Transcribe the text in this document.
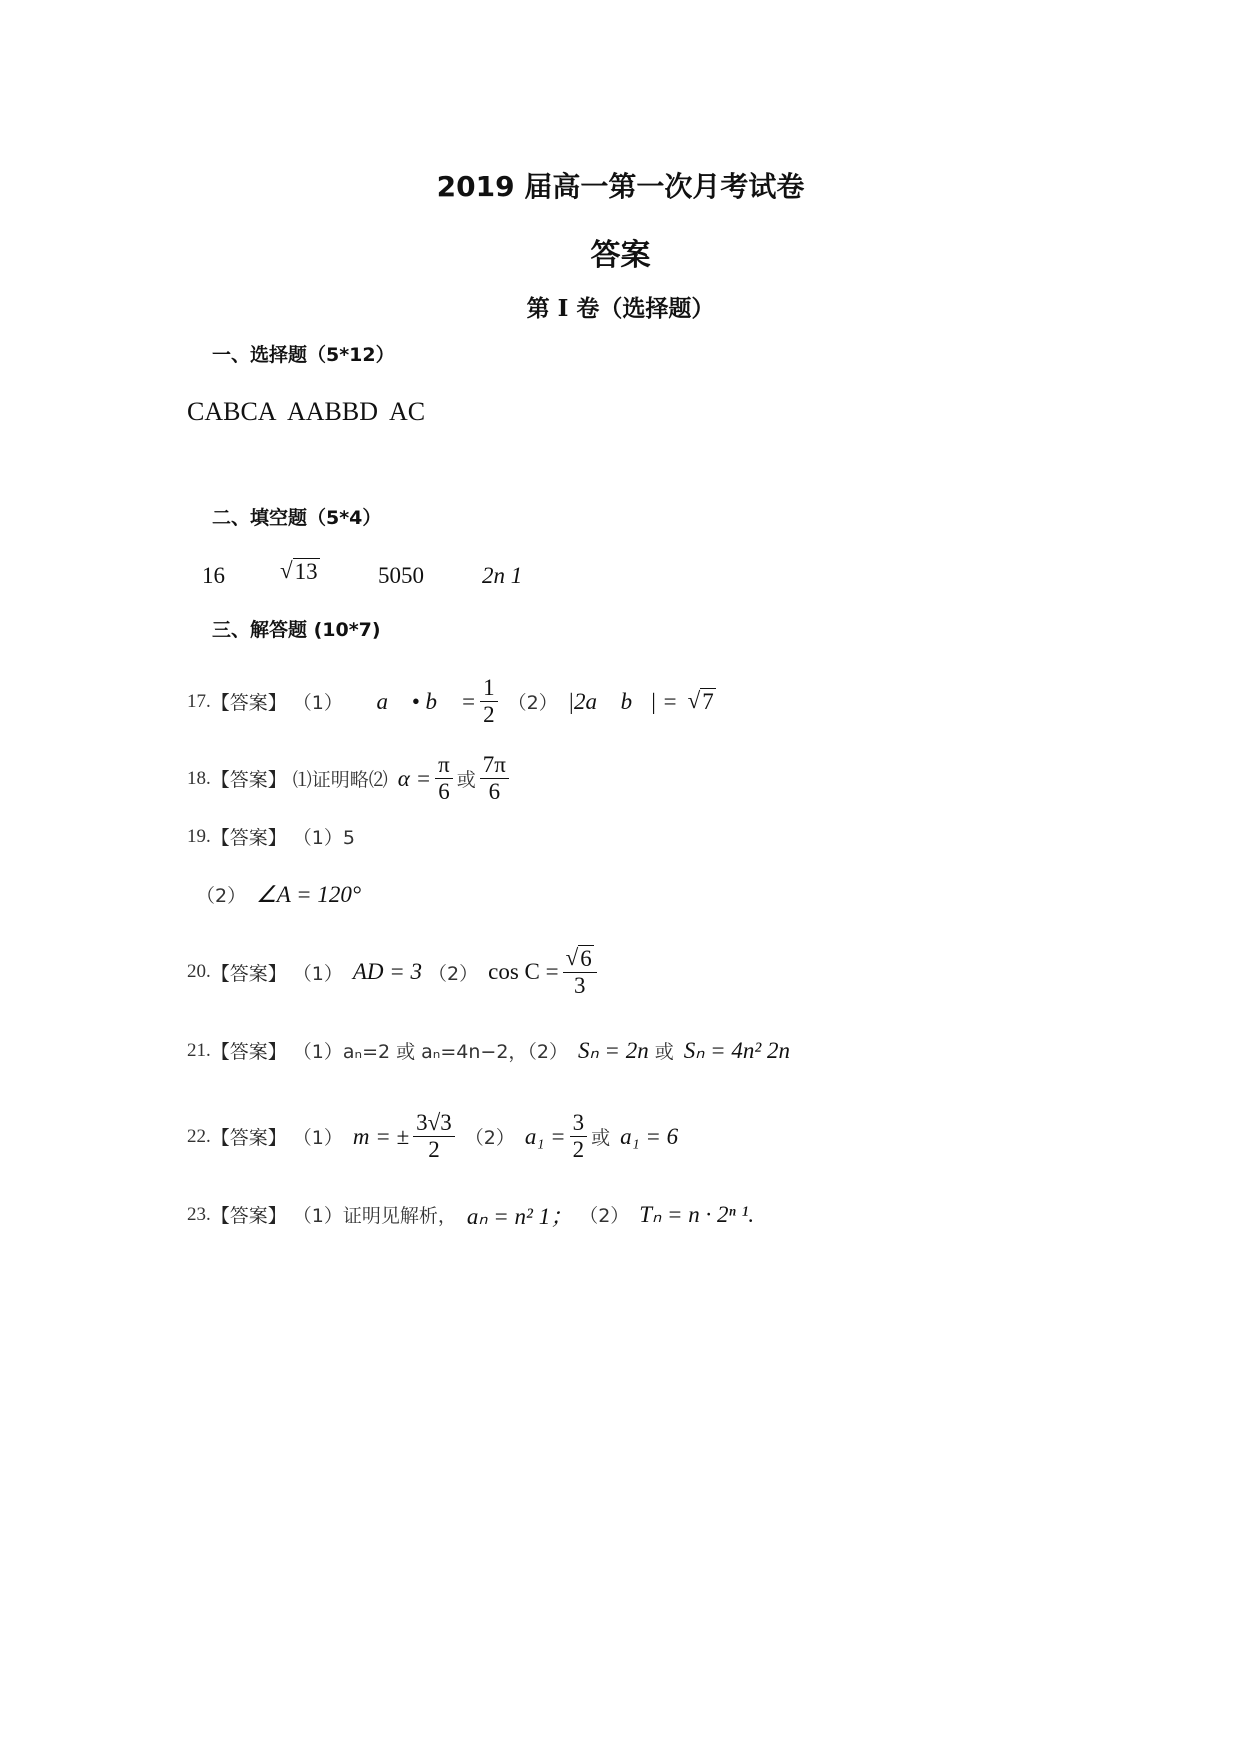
2019 届高一第一次月考试卷
答案
第 I 卷（选择题）
一、选择题（5*12）
CABCA AABBD AC
二、填空题（5*4）
16 √ 13	5050	2n 1
三、解答题 (10*7)
17. 【答案】 （1） ∴ a⃗ • b⃗ = $\frac{1}{2} (2)$ |2a⃗ b⃗| = √ 7
18. 【答案】 ⑴证明略⑵ $\alpha = \frac{\pi}{6}$ 或 $\frac{7\pi}{6}$
19. 【答案】 （1）5
（2） ∠A = 120°
20. 【答案】 （1） AD = 3 （2） $\cos C = \frac{√ 6}{3}$
21. 【答案】 （1）aₙ=2 或 aₙ=4n−2，（2） Sₙ = 2n 或 Sₙ = 4n² 2n
22. 【答案】 （1） m = ± $\frac{3√3}{2} (2) a_1 = \frac{3}{2}$ 或 a₁ = 6
23. 【答案】 （1）证明见解析， aₙ = n² 1； （2） Tₙ = n · 2ⁿ ¹.
